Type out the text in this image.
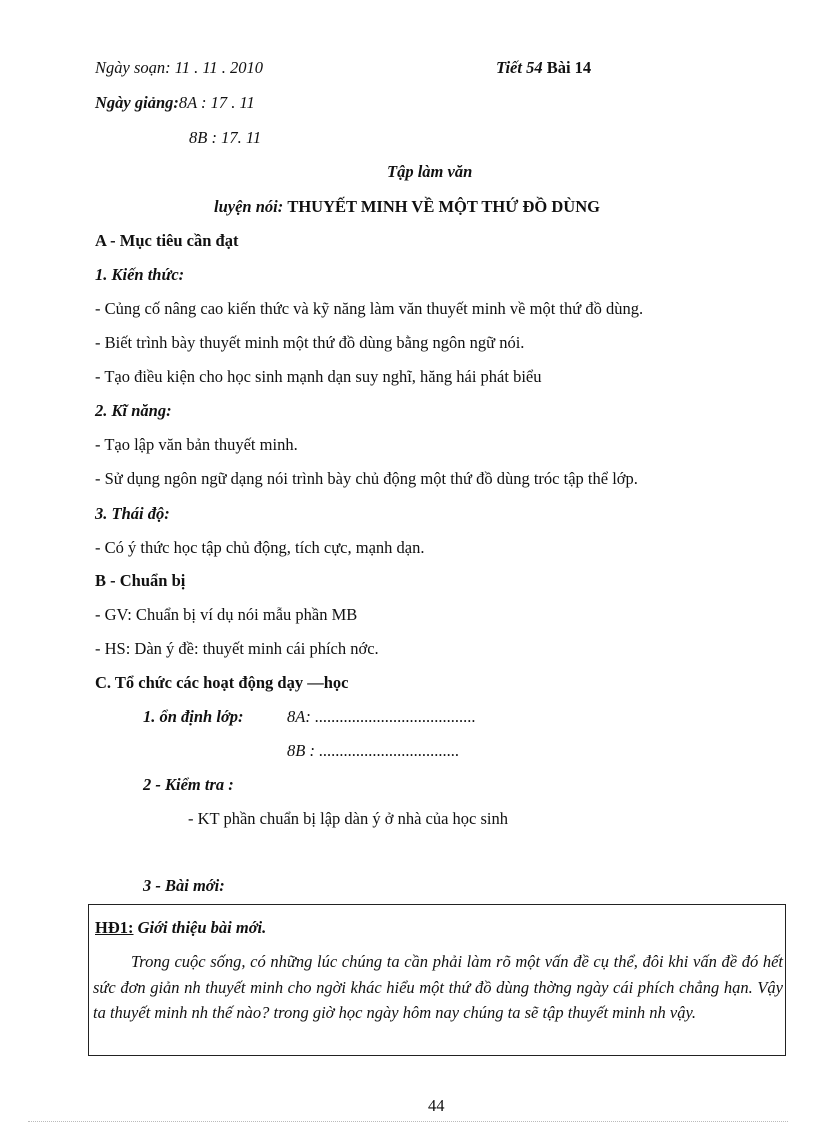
Ngày soạn: 11 . 11 . 2010	Tiết 54 Bài 14
Ngày giảng:8A : 17 . 11
8B : 17. 11
Tập làm văn
luyện nói: THUYẾT MINH VỀ MỘT THỨ ĐỒ DÙNG
A - Mục tiêu cần đạt
1. Kiến thức:
- Củng cố nâng cao kiến thức và kỹ năng làm văn thuyết minh về một thứ đồ dùng.
- Biết trình bày thuyết minh một thứ đồ dùng bằng ngôn ngữ nói.
- Tạo điều kiện cho học sinh mạnh dạn suy nghĩ, hăng hái phát biểu
2. Kĩ năng:
- Tạo lập văn bản thuyết minh.
- Sử dụng ngôn ngữ dạng nói trình bày chủ động một thứ đồ dùng tróc tập thể lớp.
3. Thái độ:
- Có ý thức học tập chủ động, tích cực, mạnh dạn.
B - Chuẩn bị
- GV: Chuẩn bị ví dụ nói mẫu phần MB
- HS: Dàn ý đề: thuyết minh cái phích nớc.
C. Tổ chức các hoạt động dạy —học
1. ổn định lớp:	8A: .......................................
8B : ..................................
2 - Kiểm tra :
- KT phần chuẩn bị lập dàn ý ở nhà của học sinh
3 - Bài mới:
HĐ1: Giới thiệu bài mới.
Trong cuộc sống, có những lúc chúng ta cần phải làm rõ một vấn đề cụ thể, đôi khi vấn đề đó hết sức đơn giản nh thuyết minh cho ngời khác hiểu một thứ đồ dùng thờng ngày cái phích chẳng hạn. Vậy ta thuyết minh nh thế nào? trong giờ học ngày hôm nay chúng ta sẽ tập thuyết minh nh vậy.
44
